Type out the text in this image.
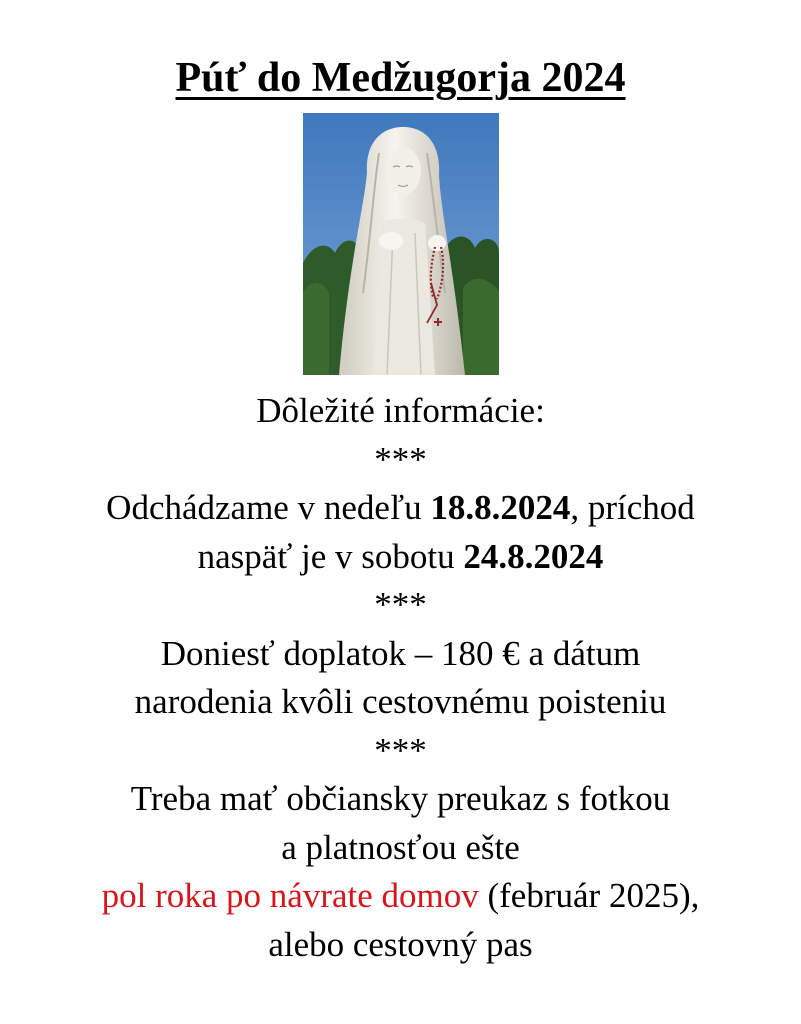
Púť do Medžugorja 2024

Dôležité informácie:

***

Odchádzame v nedeľu 18.8.2024, príchod

naspäť je v sobotu 24.8.2024

***

Doniesť doplatok – 180 € a dátum

narodenia kvôli cestovnému poisteniu

***

Treba mať občiansky preukaz s fotkou

a platnosťou ešte

pol roka po návrate domov (február 2025),

alebo cestovný pas
